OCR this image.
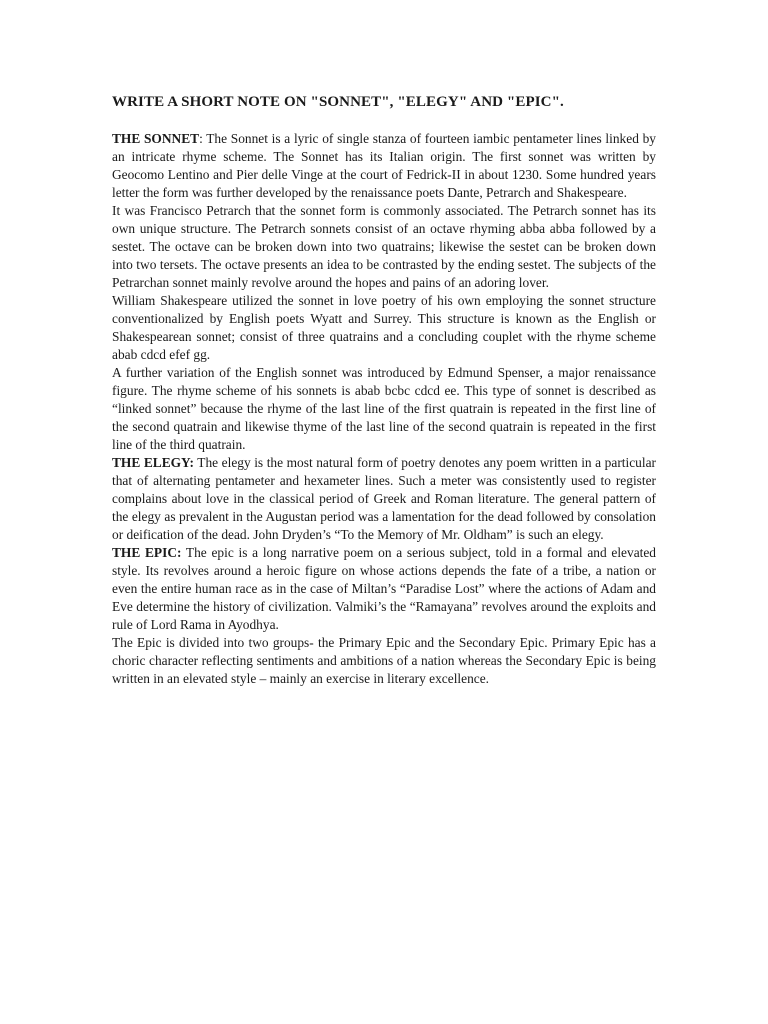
WRITE A SHORT NOTE ON "SONNET", "ELEGY" AND "EPIC".

THE SONNET: The Sonnet is a lyric of single stanza of fourteen iambic pentameter lines linked by an intricate rhyme scheme. The Sonnet has its Italian origin. The first sonnet was written by Geocomo Lentino and Pier delle Vinge at the court of Fedrick-II in about 1230. Some hundred years letter the form was further developed by the renaissance poets Dante, Petrarch and Shakespeare.

It was Francisco Petrarch that the sonnet form is commonly associated. The Petrarch sonnet has its own unique structure. The Petrarch sonnets consist of an octave rhyming abba abba followed by a sestet. The octave can be broken down into two quatrains; likewise the sestet can be broken down into two tersets. The octave presents an idea to be contrasted by the ending sestet. The subjects of the Petrarchan sonnet mainly revolve around the hopes and pains of an adoring lover.

William Shakespeare utilized the sonnet in love poetry of his own employing the sonnet structure conventionalized by English poets Wyatt and Surrey. This structure is known as the English or Shakespearean sonnet; consist of three quatrains and a concluding couplet with the rhyme scheme abab cdcd efef gg.

A further variation of the English sonnet was introduced by Edmund Spenser, a major renaissance figure. The rhyme scheme of his sonnets is abab bcbc cdcd ee. This type of sonnet is described as “linked sonnet” because the rhyme of the last line of the first quatrain is repeated in the first line of the second quatrain and likewise thyme of the last line of the second quatrain is repeated in the first line of the third quatrain.

THE ELEGY: The elegy is the most natural form of poetry denotes any poem written in a particular that of alternating pentameter and hexameter lines. Such a meter was consistently used to register complains about love in the classical period of Greek and Roman literature. The general pattern of the elegy as prevalent in the Augustan period was a lamentation for the dead followed by consolation or deification of the dead. John Dryden’s “To the Memory of Mr. Oldham” is such an elegy.

THE EPIC: The epic is a long narrative poem on a serious subject, told in a formal and elevated style. Its revolves around a heroic figure on whose actions depends the fate of a tribe, a nation or even the entire human race as in the case of Miltan’s “Paradise Lost” where the actions of Adam and Eve determine the history of civilization. Valmiki’s the “Ramayana” revolves around the exploits and rule of Lord Rama in Ayodhya.

The Epic is divided into two groups- the Primary Epic and the Secondary Epic. Primary Epic has a choric character reflecting sentiments and ambitions of a nation whereas the Secondary Epic is being written in an elevated style – mainly an exercise in literary excellence.
